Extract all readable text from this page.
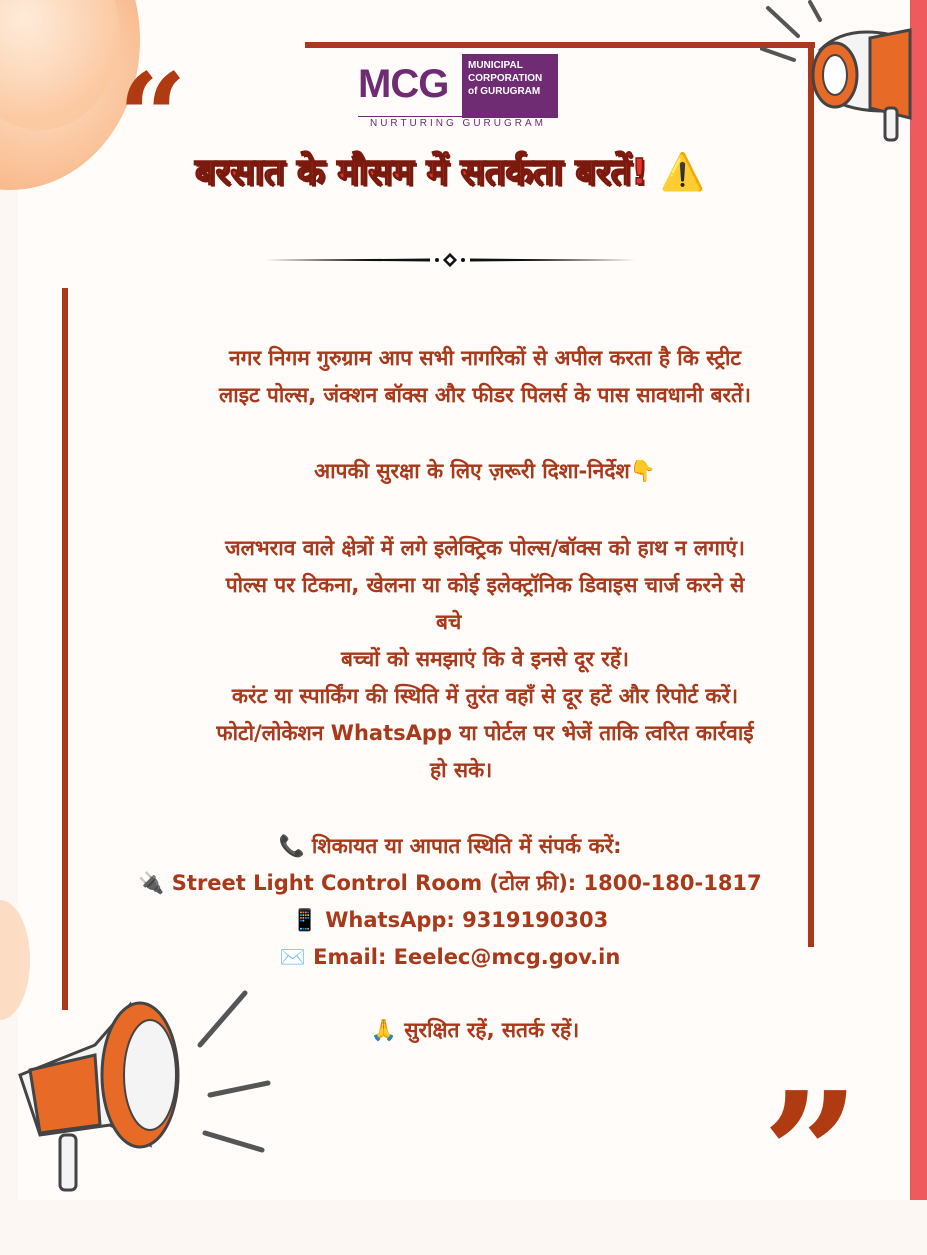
“
”
MCG MUNICIPAL
CORPORATION
of GURUGRAM
NURTURING GURUGRAM
बरसात के मौसम में सतर्कता बरतें! ⚠️
नगर निगम गुरुग्राम आप सभी नागरिकों से अपील करता है कि स्ट्रीट
लाइट पोल्स, जंक्शन बॉक्स और फीडर पिलर्स के पास सावधानी बरतें।
आपकी सुरक्षा के लिए ज़रूरी दिशा-निर्देश👇
जलभराव वाले क्षेत्रों में लगे इलेक्ट्रिक पोल्स/बॉक्स को हाथ न लगाएं।
पोल्स पर टिकना, खेलना या कोई इलेक्ट्रॉनिक डिवाइस चार्ज करने से
बचे
बच्चों को समझाएं कि वे इनसे दूर रहें।
करंट या स्पार्किंग की स्थिति में तुरंत वहाँ से दूर हटें और रिपोर्ट करें।
फोटो/लोकेशन WhatsApp या पोर्टल पर भेजें ताकि त्वरित कार्रवाई
हो सके।
📞 शिकायत या आपात स्थिति में संपर्क करें:
🔌 Street Light Control Room (टोल फ्री): 1800-180-1817
📱 WhatsApp: 9319190303
✉️ Email: Eeelec@mcg.gov.in
🙏 सुरक्षित रहें, सतर्क रहें।
